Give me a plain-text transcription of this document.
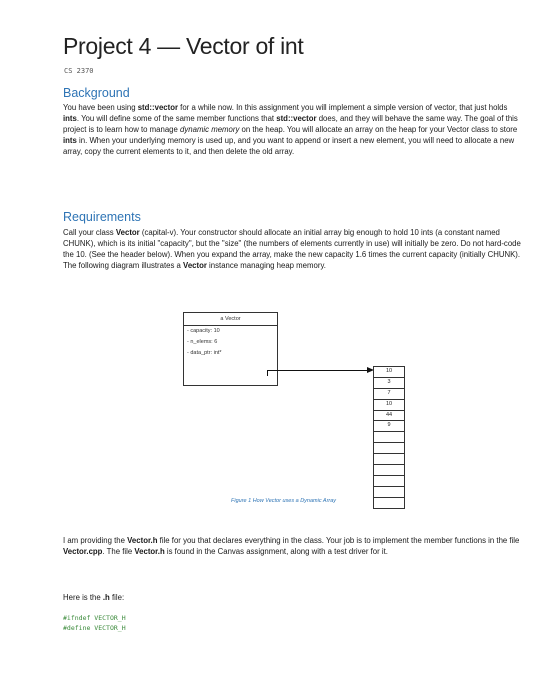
Project 4 — Vector of int
CS 2370
Background

You have been using std::vector for a while now. In this assignment you will implement a simple version of vector, that just holds ints. You will define some of the same member functions that std::vector does, and they will behave the same way. The goal of this project is to learn how to manage dynamic memory on the heap. You will allocate an array on the heap for your Vector class to store ints in. When your underlying memory is used up, and you want to append or insert a new element, you will need to allocate a new array, copy the current elements to it, and then delete the old array.

Requirements

Call your class Vector (capital-v). Your constructor should allocate an initial array big enough to hold 10 ints (a constant named CHUNK), which is its initial "capacity", but the "size" (the numbers of elements currently in use) will initially be zero. Do not hard-code the 10. (See the header below). When you expand the array, make the new capacity 1.6 times the current capacity (initially CHUNK). The following diagram illustrates a Vector instance managing heap memory.

a Vector
- capacity: 10
- n_elems: 6
- data_ptr: int*
10
3
7
10
44
9
Figure 1 How Vector uses a Dynamic Array

I am providing the Vector.h file for you that declares everything in the class. Your job is to implement the member functions in the file Vector.cpp. The file Vector.h is found in the Canvas assignment, along with a test driver for it.

Here is the .h file:

#ifndef VECTOR_H
#define VECTOR_H
